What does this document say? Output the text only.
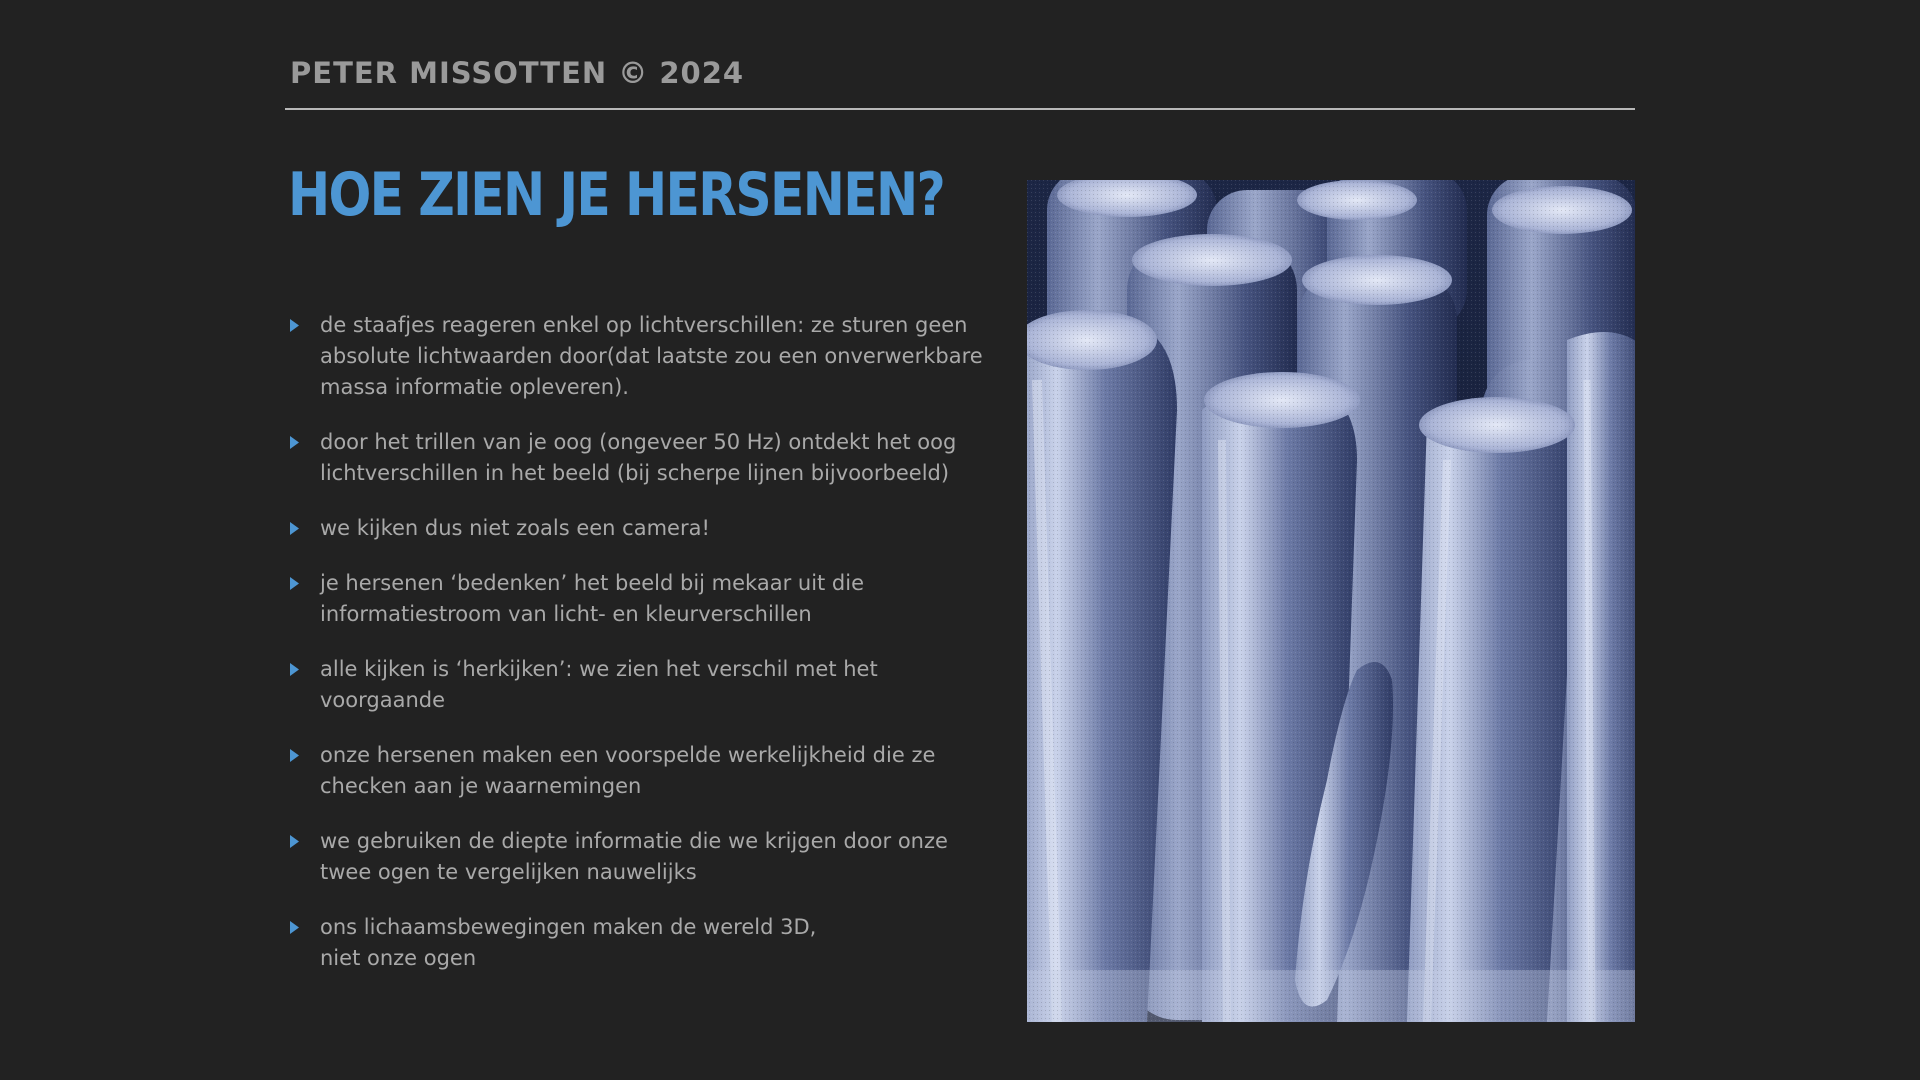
PETER MISSOTTEN © 2024
HOE ZIEN JE HERSENEN?
de staafjes reageren enkel op lichtverschillen: ze sturen geen absolute lichtwaarden door(dat laatste zou een onverwerkbare massa informatie opleveren).
door het trillen van je oog (ongeveer 50 Hz) ontdekt het oog lichtverschillen in het beeld (bij scherpe lijnen bijvoorbeeld)
we kijken dus niet zoals een camera!
je hersenen ‘bedenken’ het beeld bij mekaar uit die informatiestroom van licht- en kleurverschillen
alle kijken is ‘herkijken’: we zien het verschil met het voorgaande
onze hersenen maken een voorspelde werkelijkheid die ze checken aan je waarnemingen
we gebruiken de diepte informatie die we krijgen door onze twee ogen te vergelijken nauwelijks
ons lichaamsbewegingen maken de wereld 3D,
niet onze ogen
